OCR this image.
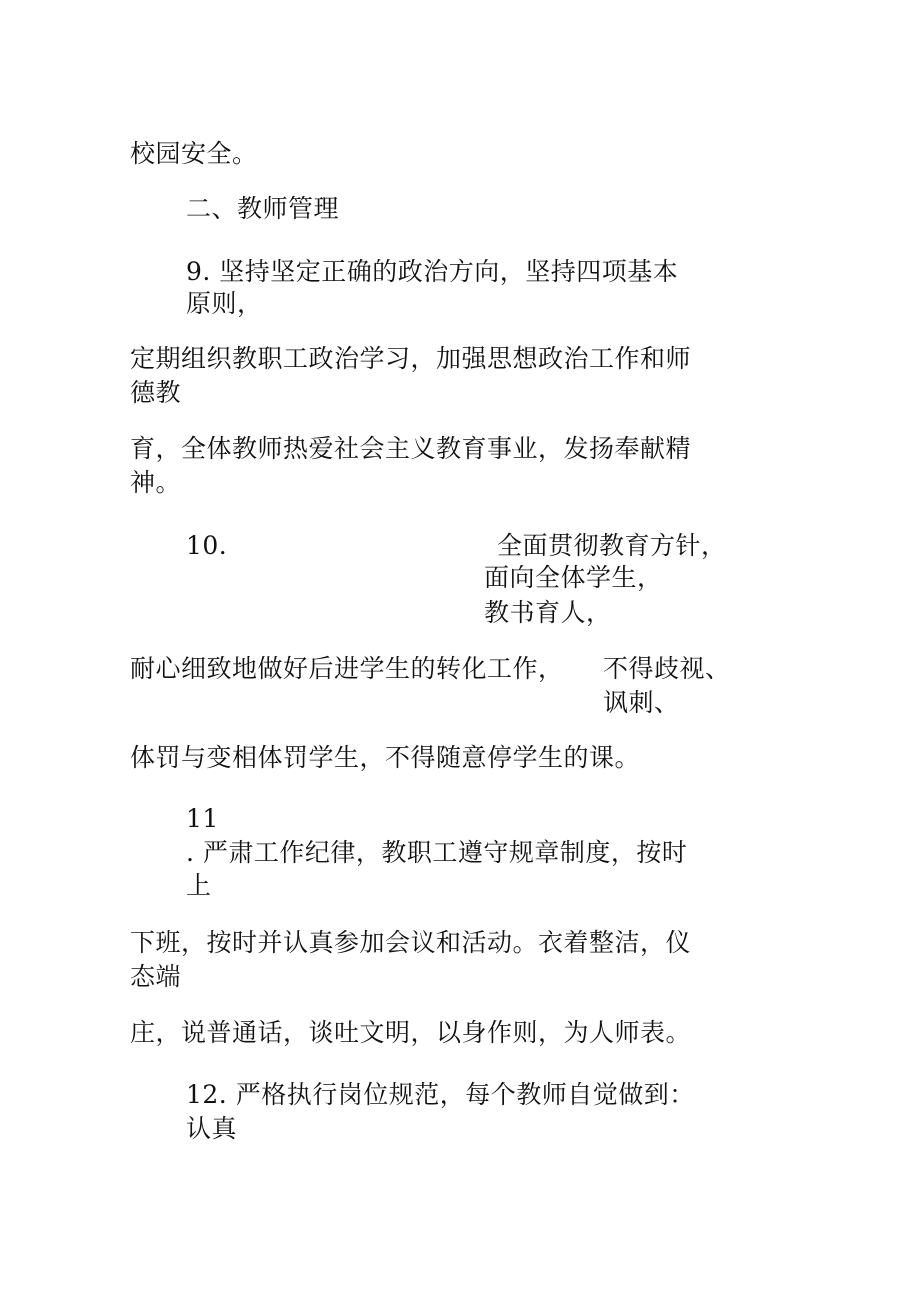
校园安全。
二、教师管理
9. 坚持坚定正确的政治方向，坚持四项基本
原则，
定期组织教职工政治学习，加强思想政治工作和师
德教
育，全体教师热爱社会主义教育事业，发扬奉献精
神。
10.	全面贯彻教育方针，
面向全体学生，
教书育人，
耐心细致地做好后进学生的转化工作， 不得歧视、
讽刺、
体罚与变相体罚学生，不得随意停学生的课。
11
. 严肃工作纪律，教职工遵守规章制度，按时
上
下班，按时并认真参加会议和活动。衣着整洁，仪
态端
庄，说普通话，谈吐文明，以身作则，为人师表。
12. 严格执行岗位规范，每个教师自觉做到：
认真
